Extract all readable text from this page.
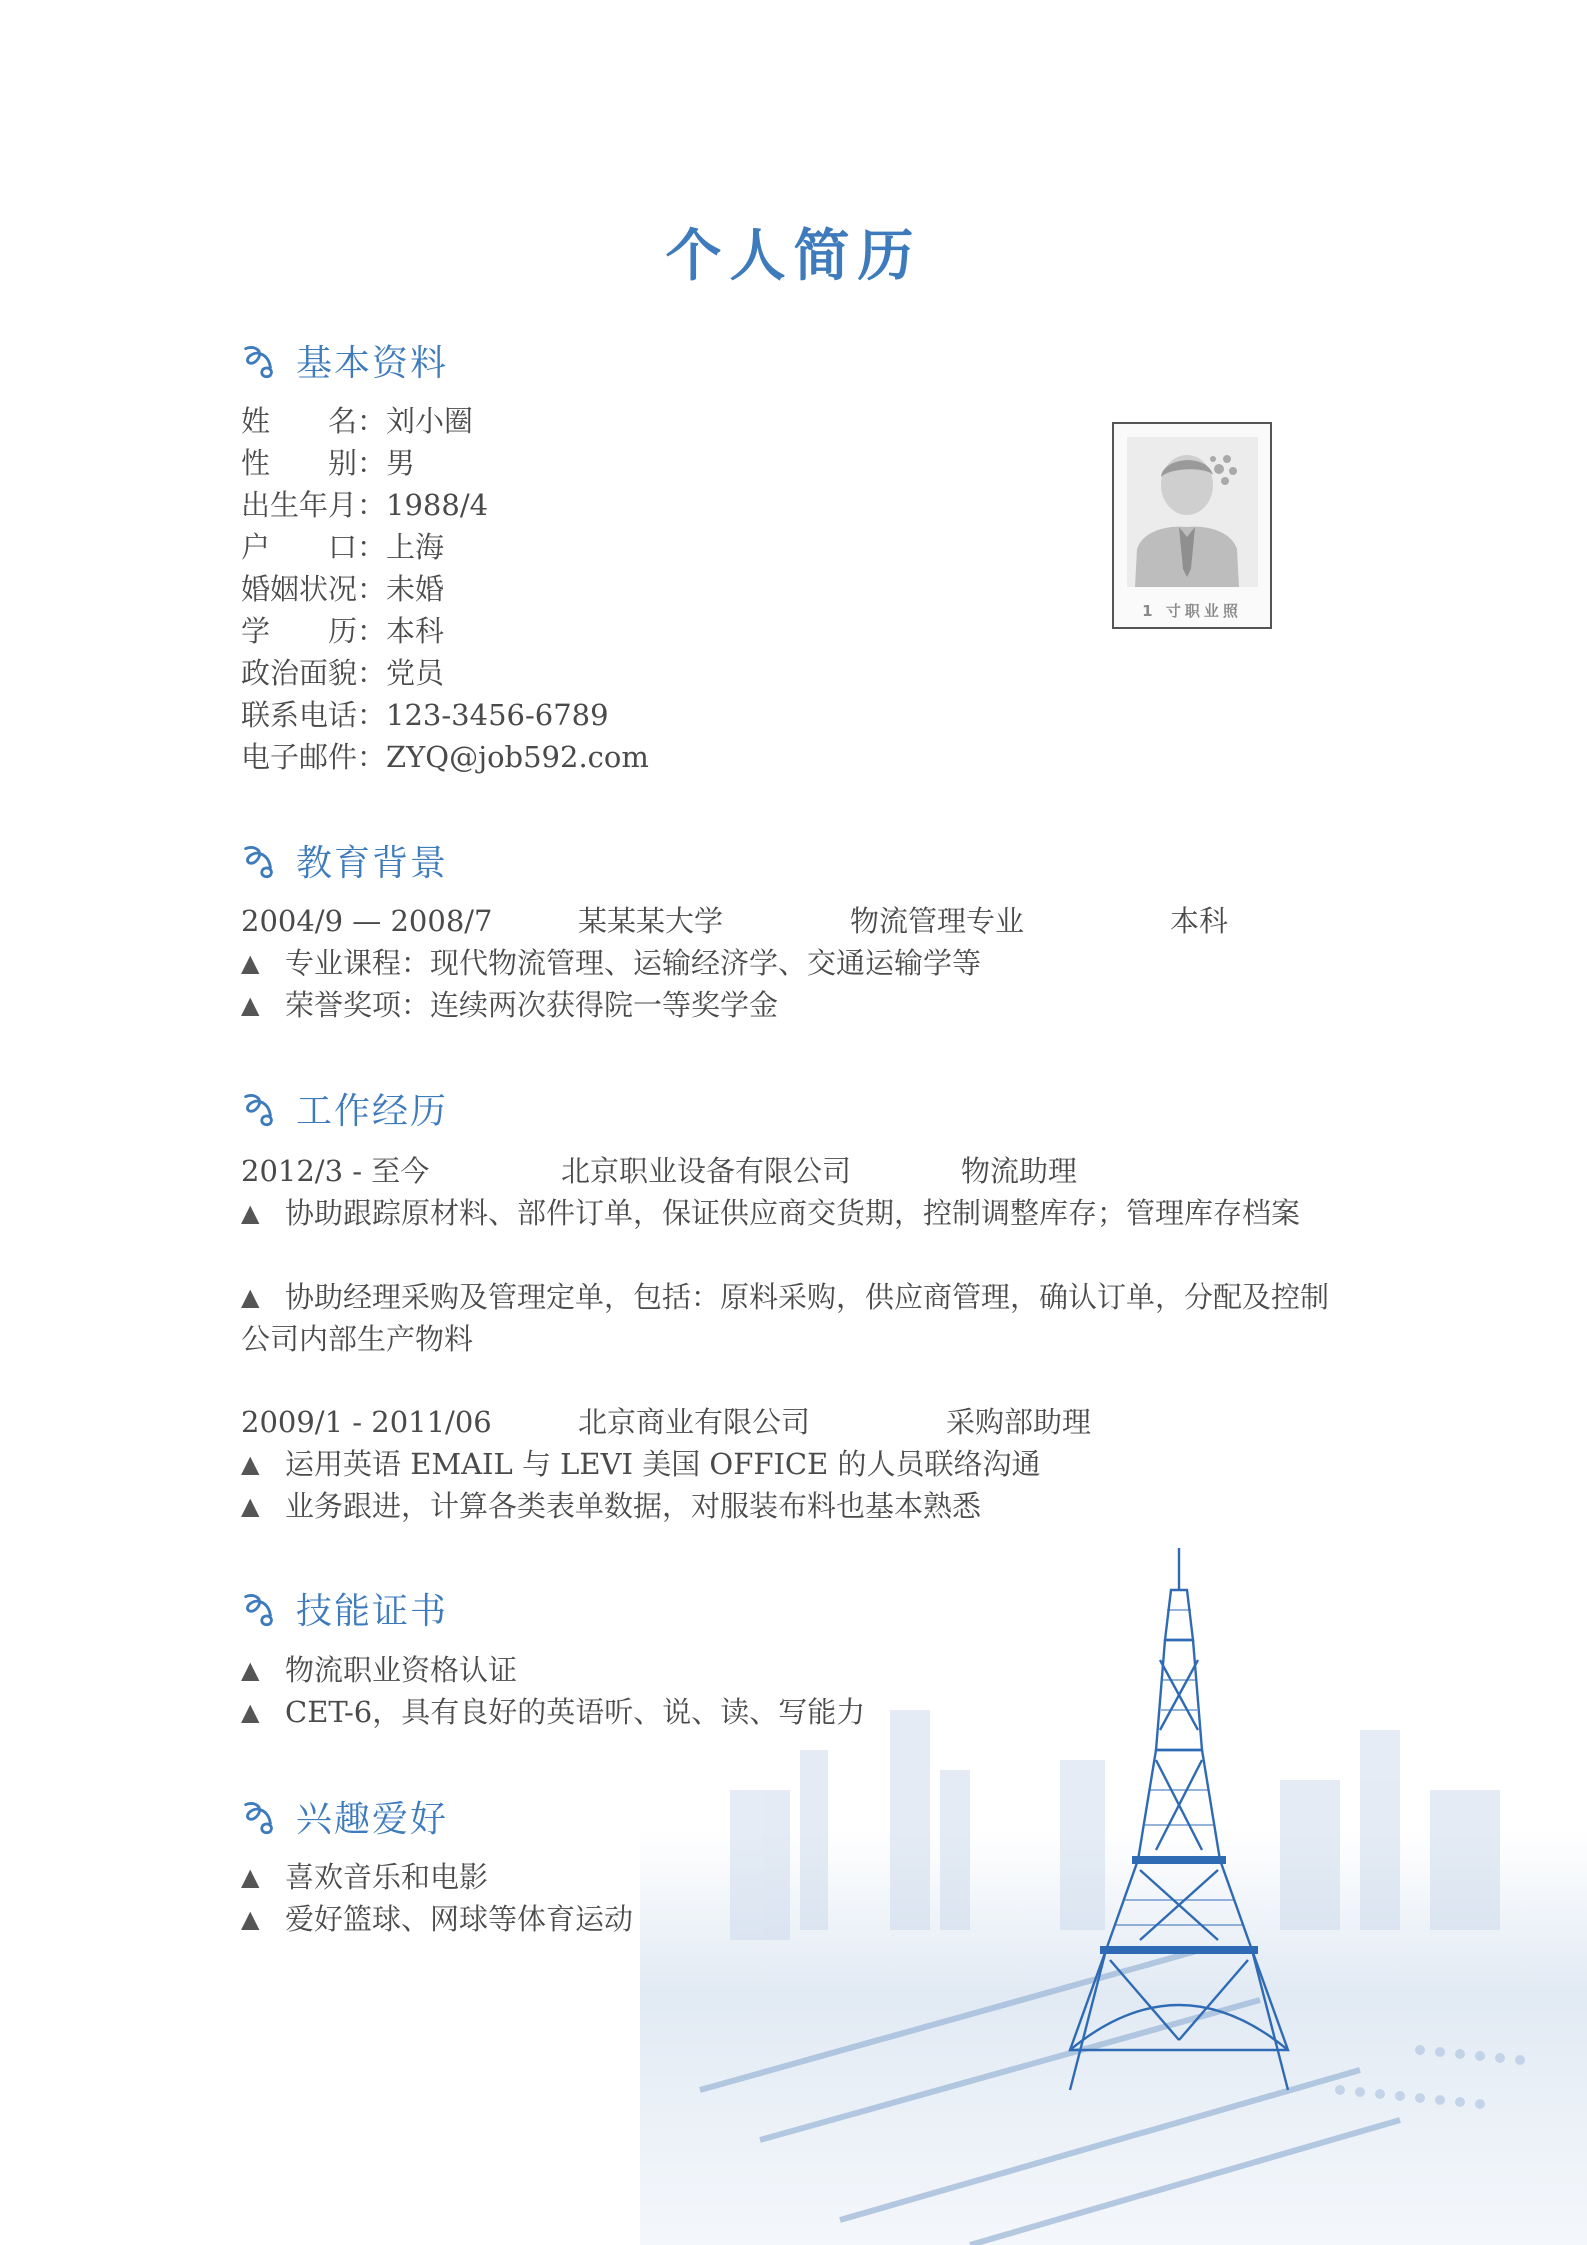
个人简历
基本资料
姓　　名：刘小圈
性　　别：男
出生年月：1988/4
户　　口：上海
婚姻状况：未婚
学　　历：本科
政治面貌：党员
联系电话：123-3456-6789
电子邮件：ZYQ@job592.com
1 寸职业照
教育背景
2004/9 — 2008/7	某某某大学	物流管理专业	本科
▲ 专业课程：现代物流管理、运输经济学、交通运输学等
▲ 荣誉奖项：连续两次获得院一等奖学金
工作经历
2012/3 - 至今	北京职业设备有限公司	物流助理
▲ 协助跟踪原材料、部件订单，保证供应商交货期，控制调整库存；管理库存档案
▲ 协助经理采购及管理定单，包括：原料采购，供应商管理，确认订单，分配及控制公司内部生产物料
2009/1 - 2011/06	北京商业有限公司	采购部助理
▲ 运用英语 EMAIL 与 LEVI 美国 OFFICE 的人员联络沟通
▲ 业务跟进，计算各类表单数据，对服装布料也基本熟悉
技能证书
▲ 物流职业资格认证
▲ CET-6，具有良好的英语听、说、读、写能力
兴趣爱好
▲ 喜欢音乐和电影
▲ 爱好篮球、网球等体育运动
